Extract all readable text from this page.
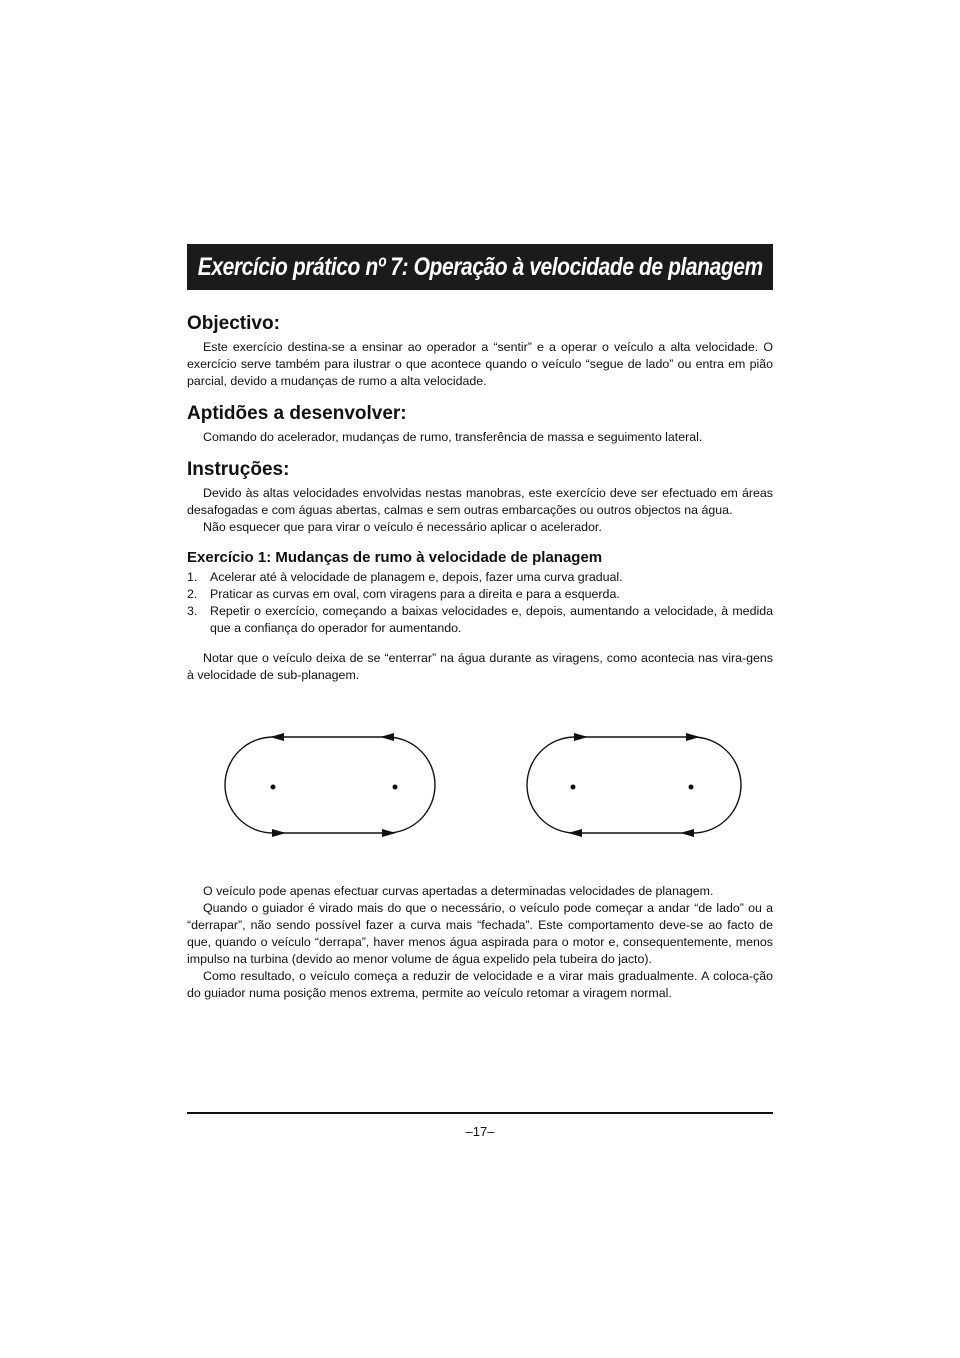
Exercício prático nº 7: Operação à velocidade de planagem
Objectivo:

Este exercício destina-se a ensinar ao operador a “sentir” e a operar o veículo a alta velocidade. O exercício serve também para ilustrar o que acontece quando o veículo “segue de lado” ou entra em pião parcial, devido a mudanças de rumo a alta velocidade.

Aptidões a desenvolver:

Comando do acelerador, mudanças de rumo, transferência de massa e seguimento lateral.

Instruções:

Devido às altas velocidades envolvidas nestas manobras, este exercício deve ser efectuado em áreas desafogadas e com águas abertas, calmas e sem outras embarcações ou outros objectos na água.

Não esquecer que para virar o veículo é necessário aplicar o acelerador.

Exercício 1: Mudanças de rumo à velocidade de planagem
1. Acelerar até à velocidade de planagem e, depois, fazer uma curva gradual.
2. Praticar as curvas em oval, com viragens para a direita e para a esquerda.
3. Repetir o exercício, começando a baixas velocidades e, depois, aumentando a velocidade, à medida que a confiança do operador for aumentando.

Notar que o veículo deixa de se “enterrar” na água durante as viragens, como acontecia nas vira-gens à velocidade de sub-planagem.

O veículo pode apenas efectuar curvas apertadas a determinadas velocidades de planagem.

Quando o guiador é virado mais do que o necessário, o veículo pode começar a andar “de lado” ou a “derrapar”, não sendo possível fazer a curva mais “fechada”. Este comportamento deve-se ao facto de que, quando o veículo “derrapa”, haver menos água aspirada para o motor e, consequentemente, menos impulso na turbina (devido ao menor volume de água expelido pela tubeira do jacto).

Como resultado, o veículo começa a reduzir de velocidade e a virar mais gradualmente. A coloca-ção do guiador numa posição menos extrema, permite ao veículo retomar a viragem normal.

–17–
